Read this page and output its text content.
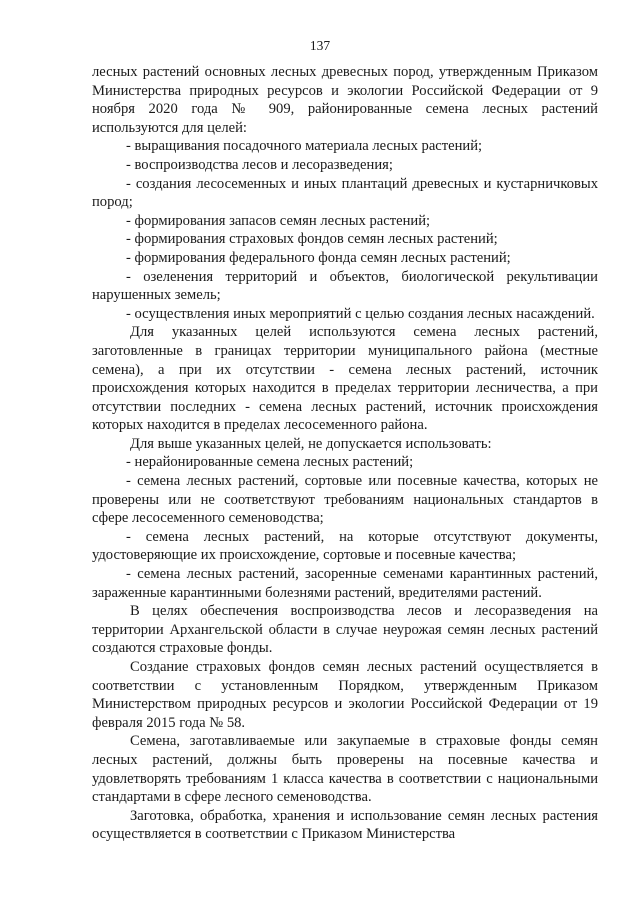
137

лесных растений основных лесных древесных пород, утвержденным Приказом Министерства природных ресурсов и экологии Российской Федерации от 9 ноября 2020 года № 909, районированные семена лесных растений используются для целей:

- выращивания посадочного материала лесных растений;

- воспроизводства лесов и лесоразведения;

- создания лесосеменных и иных плантаций древесных и кустарничковых пород;

- формирования запасов семян лесных растений;

- формирования страховых фондов семян лесных растений;

- формирования федерального фонда семян лесных растений;

- озеленения территорий и объектов, биологической рекультивации нарушенных земель;

- осуществления иных мероприятий с целью создания лесных насаждений.

Для указанных целей используются семена лесных растений, заготовленные в границах территории муниципального района (местные семена), а при их отсутствии - семена лесных растений, источник происхождения которых находится в пределах территории лесничества, а при отсутствии последних - семена лесных растений, источник происхождения которых находится в пределах лесосеменного района.

Для выше указанных целей, не допускается использовать:

- нерайонированные семена лесных растений;

- семена лесных растений, сортовые или посевные качества, которых не проверены или не соответствуют требованиям национальных стандартов в сфере лесосеменного семеноводства;

- семена лесных растений, на которые отсутствуют документы, удостоверяющие их происхождение, сортовые и посевные качества;

- семена лесных растений, засоренные семенами карантинных растений, зараженные карантинными болезнями растений, вредителями растений.

В целях обеспечения воспроизводства лесов и лесоразведения на территории Архангельской области в случае неурожая семян лесных растений создаются страховые фонды.

Создание страховых фондов семян лесных растений осуществляется в соответствии с установленным Порядком, утвержденным Приказом Министерством природных ресурсов и экологии Российской Федерации от 19 февраля 2015 года № 58.

Семена, заготавливаемые или закупаемые в страховые фонды семян лесных растений, должны быть проверены на посевные качества и удовлетворять требованиям 1 класса качества в соответствии с национальными стандартами в сфере лесного семеноводства.

Заготовка, обработка, хранения и использование семян лесных растения осуществляется в соответствии с Приказом Министерства
